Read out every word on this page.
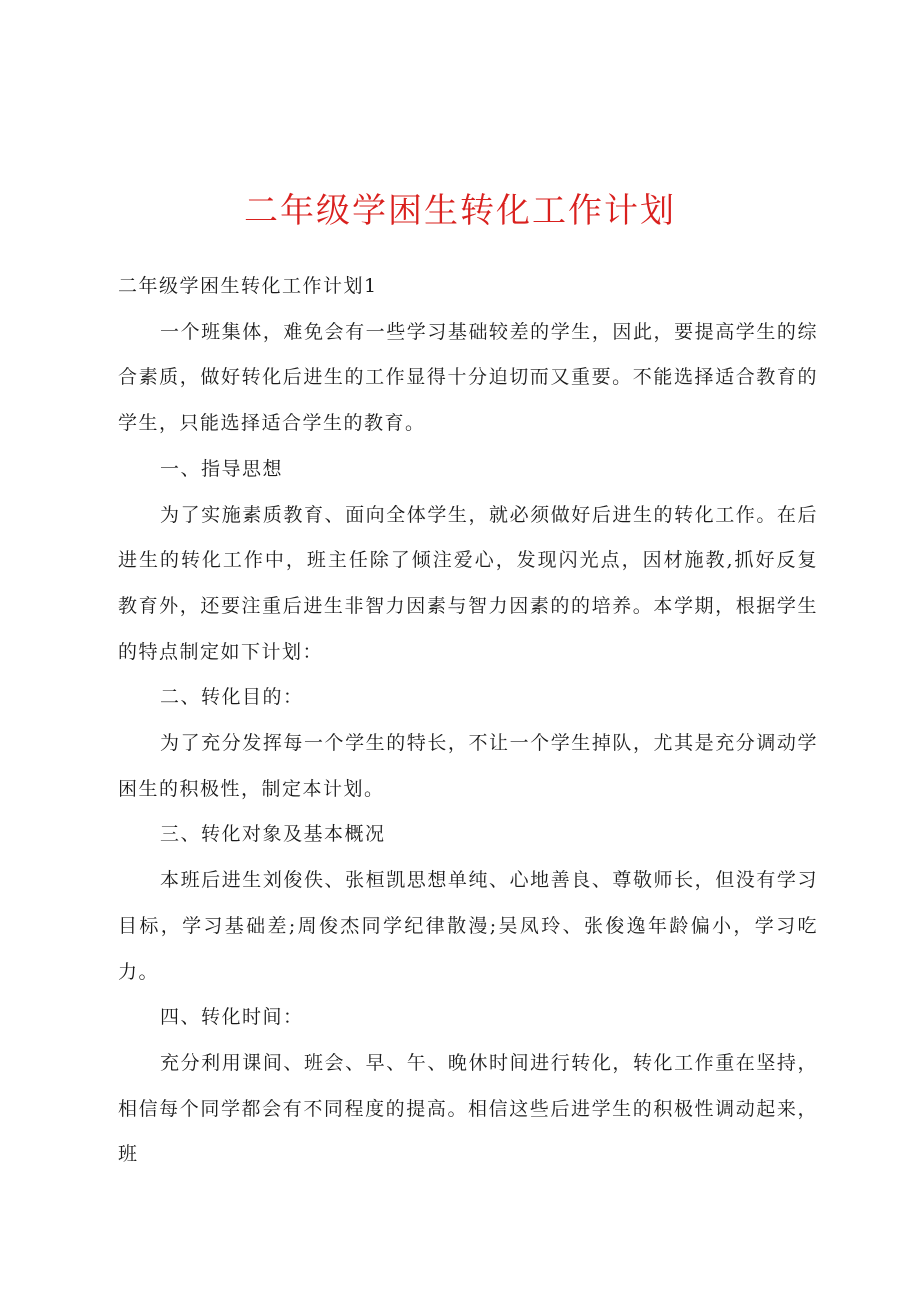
二年级学困生转化工作计划

二年级学困生转化工作计划1

一个班集体，难免会有一些学习基础较差的学生，因此，要提高学生的综合素质，做好转化后进生的工作显得十分迫切而又重要。不能选择适合教育的学生，只能选择适合学生的教育。

一、指导思想

为了实施素质教育、面向全体学生，就必须做好后进生的转化工作。在后进生的转化工作中，班主任除了倾注爱心，发现闪光点，因材施教,抓好反复教育外，还要注重后进生非智力因素与智力因素的的培养。本学期，根据学生的特点制定如下计划：

二、转化目的：

为了充分发挥每一个学生的特长，不让一个学生掉队，尤其是充分调动学困生的积极性，制定本计划。

三、转化对象及基本概况

本班后进生刘俊佚、张桓凯思想单纯、心地善良、尊敬师长，但没有学习目标，学习基础差;周俊杰同学纪律散漫;吴凤玲、张俊逸年龄偏小，学习吃力。

四、转化时间：

充分利用课间、班会、早、午、晚休时间进行转化，转化工作重在坚持，相信每个同学都会有不同程度的提高。相信这些后进学生的积极性调动起来，班
